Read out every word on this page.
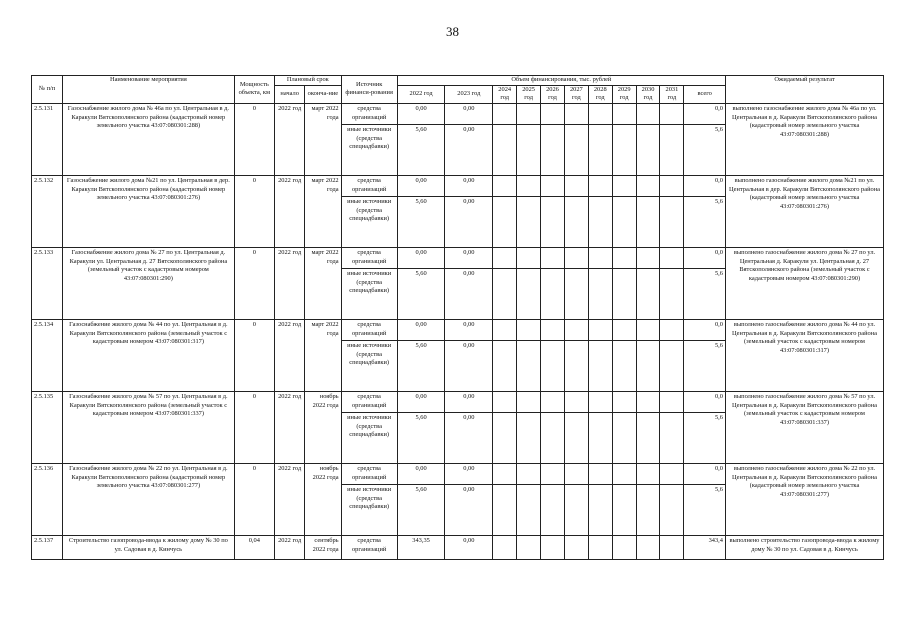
38
№ п/п	Наименование мероприятия	Мощность объекта, км	Плановый срок		Источник финанси-рования	Объем финансирования, тыс. рублей											Ожидаемый результат
			начало	оконча-ние		2022 год	2023 год	2024 год	2025 год	2026 год	2027 год	2028 год	2029 год	2030 год	2031 год	всего	

2.5.131	Газоснабжение жилого дома № 46а по ул. Центральная в д. Каракули Вятскополянского района (кадастровый номер земельного участка 43:07:080301:288)	0	2022 год	март 2022 года	средства организаций	0,00	0,00									0,0	выполнено газоснабжение жилого дома № 46а по ул. Центральная в д. Каракули Вятскополянского района (кадастровый номер земельного участка 43:07:080301:288)
					иные источники (средства спецнадбавки)	5,60	0,00									5,6	
2.5.132	Газоснабжение жилого дома №21 по ул. Центральная в дер. Каракули Вятскополянского района (кадастровый номер земельного участка 43:07:080301:276)	0	2022 год	март 2022 года	средства организаций	0,00	0,00									0,0	выполнено газоснабжение жилого дома №21 по ул. Центральная в дер. Каракули Вятскополянского района (кадастровый номер земельного участка 43:07:080301:276)
					иные источники (средства спецнадбавки)	5,60	0,00									5,6	
2.5.133	Газоснабжение жилого дома № 27 по ул. Центральная д. Каракули ул. Центральная д. 27 Вятскополянского района (земельный участок с кадастровым номером 43:07:080301:290)	0	2022 год	март 2022 года	средства организаций	0,00	0,00									0,0	выполнено газоснабжение жилого дома № 27 по ул. Центральная д. Каракули ул. Центральная д. 27 Вятскополянского района (земельный участок с кадастровым номером 43:07:080301:290)
					иные источники (средства спецнадбавки)	5,60	0,00									5,6	
2.5.134	Газоснабжение жилого дома № 44 по ул. Центральная в д. Каракули Вятскополянского района (земельный участок с кадастровым номером 43:07:080301:317)	0	2022 год	март 2022 года	средства организаций	0,00	0,00									0,0	выполнено газоснабжение жилого дома № 44 по ул. Центральная в д. Каракули Вятскополянского района (земельный участок с кадастровым номером 43:07:080301:317)
					иные источники (средства спецнадбавки)	5,60	0,00									5,6	
2.5.135	Газоснабжение жилого дома № 57 по ул. Центральная в д. Каракули Вятскополянского района (земельный участок с кадастровым номером 43:07:080301:337)	0	2022 год	ноябрь 2022 года	средства организаций	0,00	0,00									0,0	выполнено газоснабжение жилого дома № 57 по ул. Центральная в д. Каракули Вятскополянского района (земельный участок с кадастровым номером 43:07:080301:337)
					иные источники (средства спецнадбавки)	5,60	0,00									5,6	
2.5.136	Газоснабжение жилого дома № 22 по ул. Центральная в д. Каракули Вятскополянского района (кадастровый номер земельного участка 43:07:080301:277)	0	2022 год	ноябрь 2022 года	средства организаций	0,00	0,00									0,0	выполнено газоснабжение жилого дома № 22 по ул. Центральная в д. Каракули Вятскополянского района (кадастровый номер земельного участка 43:07:080301:277)
					иные источники (средства спецнадбавки)	5,60	0,00									5,6	
2.5.137	Строительство газопровода-ввода к жилому дому № 30 по ул. Садовая в д. Кинчусь	0,04	2022 год	сентябрь 2022 года	средства организаций	343,35	0,00									343,4	выполнено строительство газопровода-ввода к жилому дому № 30 по ул. Садовая в д. Кинчусь
